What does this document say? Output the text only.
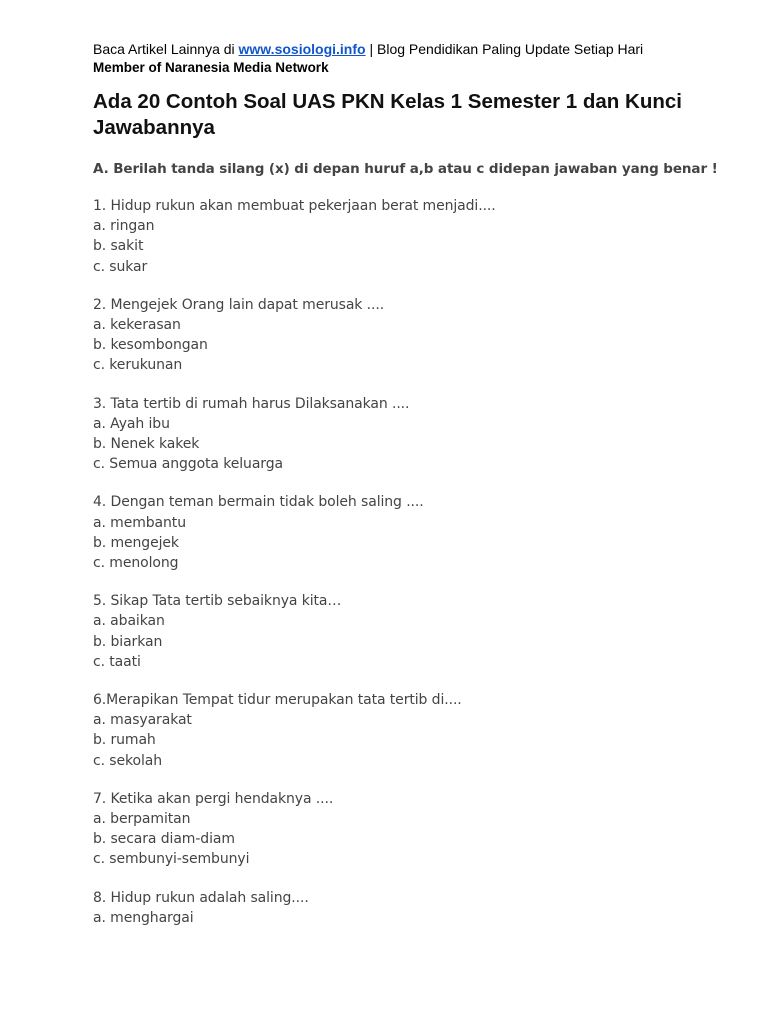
Baca Artikel Lainnya di www.sosiologi.info | Blog Pendidikan Paling Update Setiap Hari
Member of Naranesia Media Network
Ada 20 Contoh Soal UAS PKN Kelas 1 Semester 1 dan Kunci Jawabannya
A. Berilah tanda silang (x) di depan huruf a,b atau c didepan jawaban yang benar !
1. Hidup rukun akan membuat pekerjaan berat menjadi....
a. ringan
b. sakit
c. sukar
2. Mengejek Orang lain dapat merusak ....
a. kekerasan
b. kesombongan
c. kerukunan
3. Tata tertib di rumah harus Dilaksanakan ....
a. Ayah ibu
b. Nenek kakek
c. Semua anggota keluarga
4. Dengan teman bermain tidak boleh saling ....
a. membantu
b. mengejek
c. menolong
5. Sikap Tata tertib sebaiknya kita…
a. abaikan
b. biarkan
c. taati
6.Merapikan Tempat tidur merupakan tata tertib di....
a. masyarakat
b. rumah
c. sekolah
7. Ketika akan pergi hendaknya ....
a. berpamitan
b. secara diam-diam
c. sembunyi-sembunyi
8. Hidup rukun adalah saling....
a. menghargai
